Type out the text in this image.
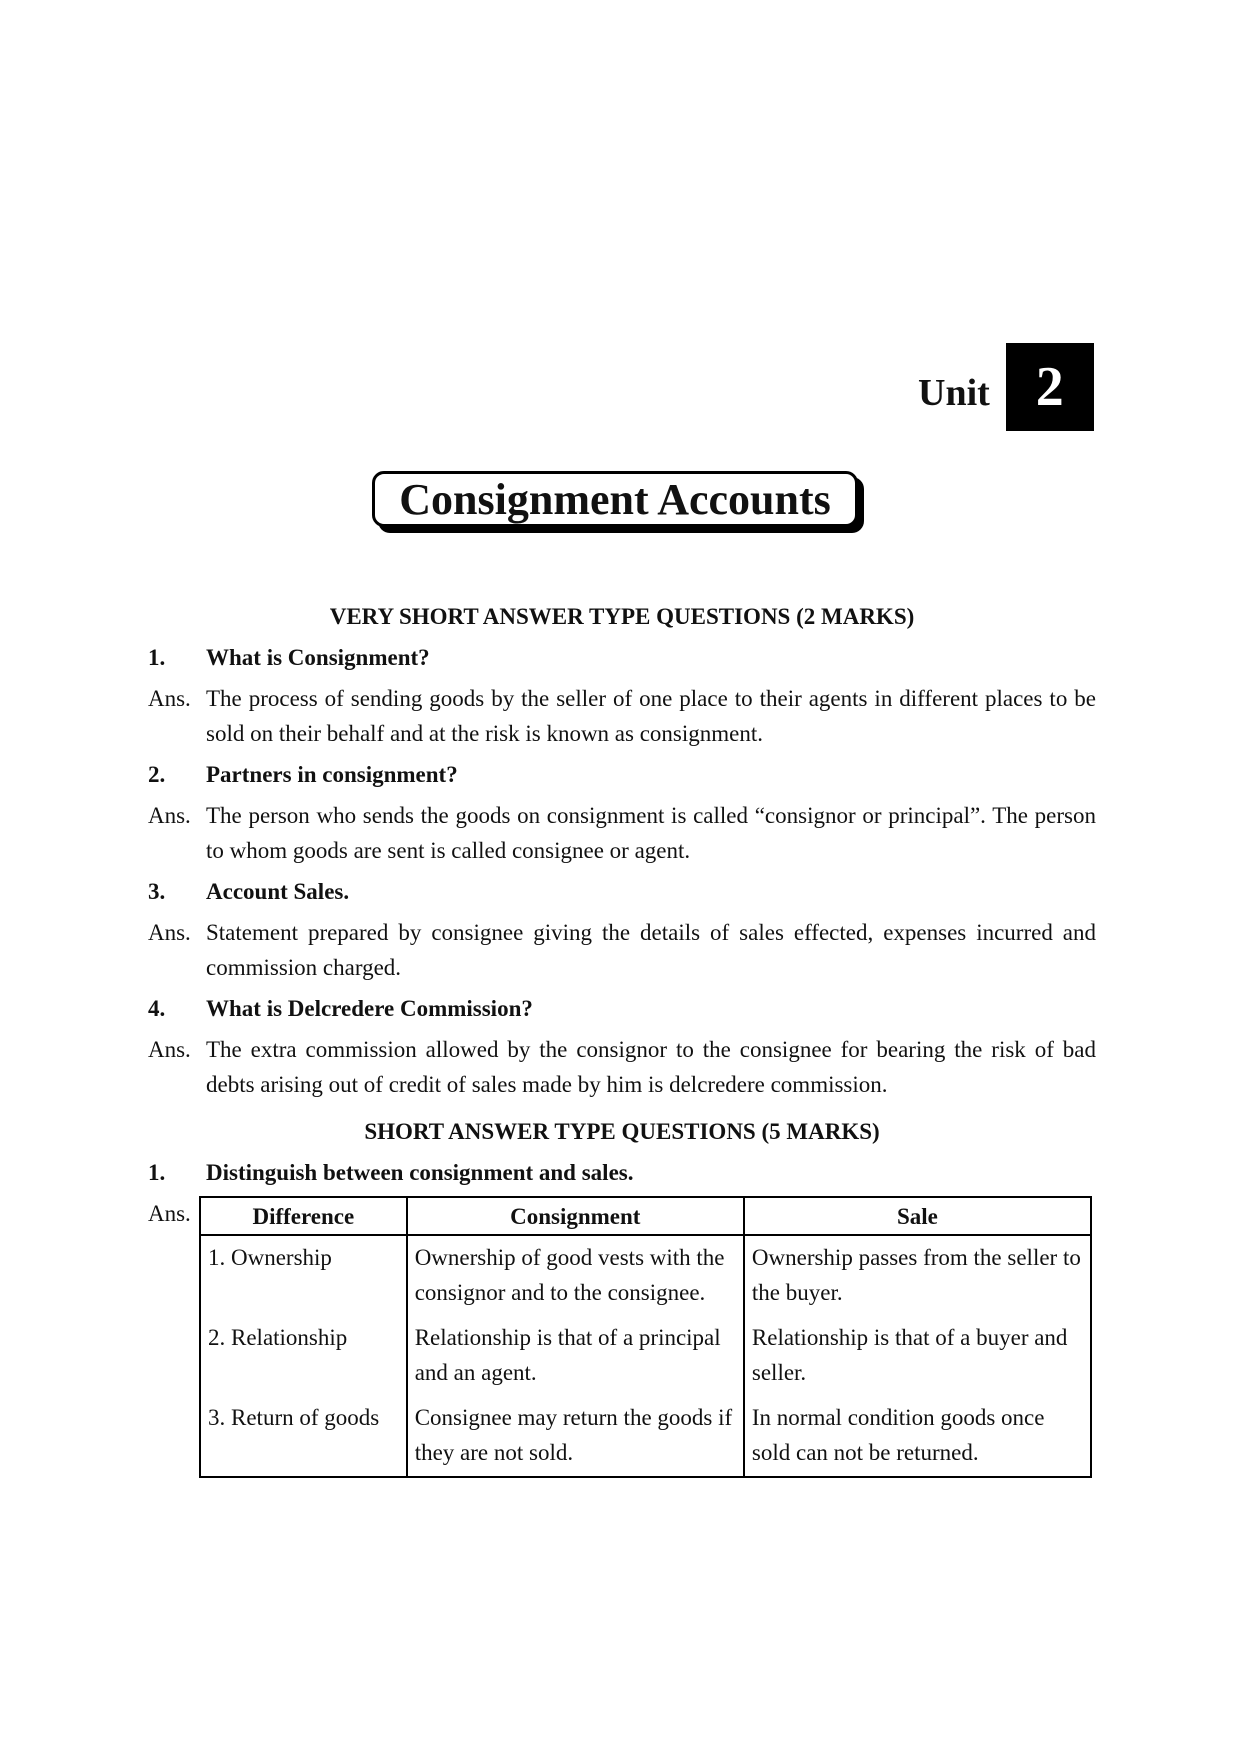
Unit 2
Consignment Accounts
VERY SHORT ANSWER TYPE QUESTIONS (2 MARKS)
1.	What is Consignment?
Ans. The process of sending goods by the seller of one place to their agents in different places to be sold on their behalf and at the risk is known as consignment.
2.	Partners in consignment?
Ans. The person who sends the goods on consignment is called “consignor or principal”. The person to whom goods are sent is called consignee or agent.
3.	Account Sales.
Ans. Statement prepared by consignee giving the details of sales effected, expenses incurred and commission charged.
4.	What is Delcredere Commission?
Ans. The extra commission allowed by the consignor to the consignee for bearing the risk of bad debts arising out of credit of sales made by him is delcredere commission.
SHORT ANSWER TYPE QUESTIONS (5 MARKS)
1.	Distinguish between consignment and sales.
Ans.	Difference	Consignment	Sale
1. Ownership	Ownership of good vests with the consignor and to the consignee.	Ownership passes from the seller to the buyer.
2. Relationship	Relationship is that of a principal and an agent.	Relationship is that of a buyer and seller.
3. Return of goods	Consignee may return the goods if they are not sold.	In normal condition goods once sold can not be returned.
